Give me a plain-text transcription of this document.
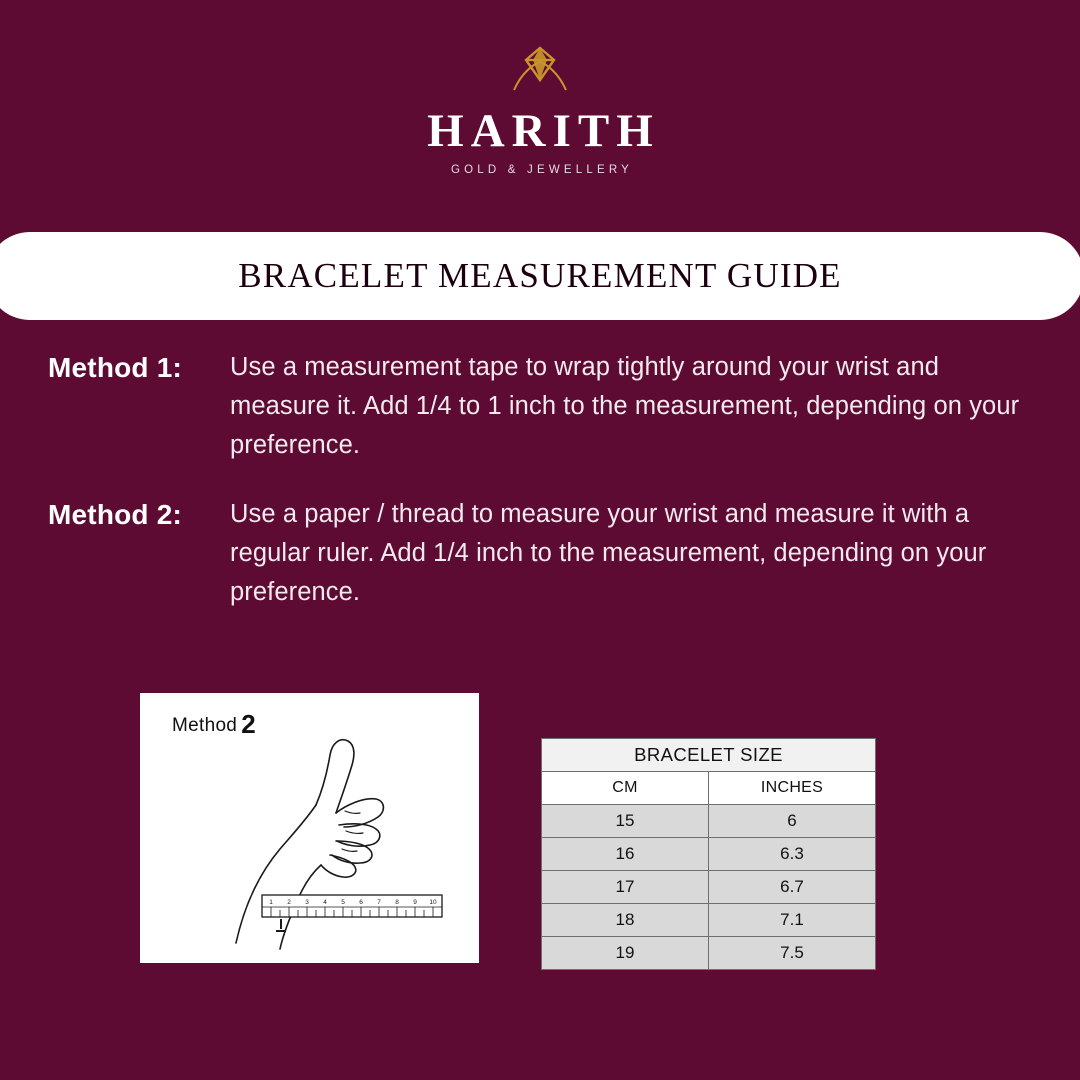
HARITH
GOLD & JEWELLERY
BRACELET MEASUREMENT GUIDE
Method 1:	Use a measurement tape to wrap tightly around your wrist and measure it. Add 1/4 to 1 inch to the measurement, depending on your preference.
Method 2:	Use a paper / thread to measure your wrist and measure it with a regular ruler. Add 1/4 inch to the measurement, depending on your preference.
Method 2
1 2 3 4 5 6 7 8 9 10
BRACELET SIZE	
CM	INCHES
15	6
16	6.3
17	6.7
18	7.1
19	7.5
